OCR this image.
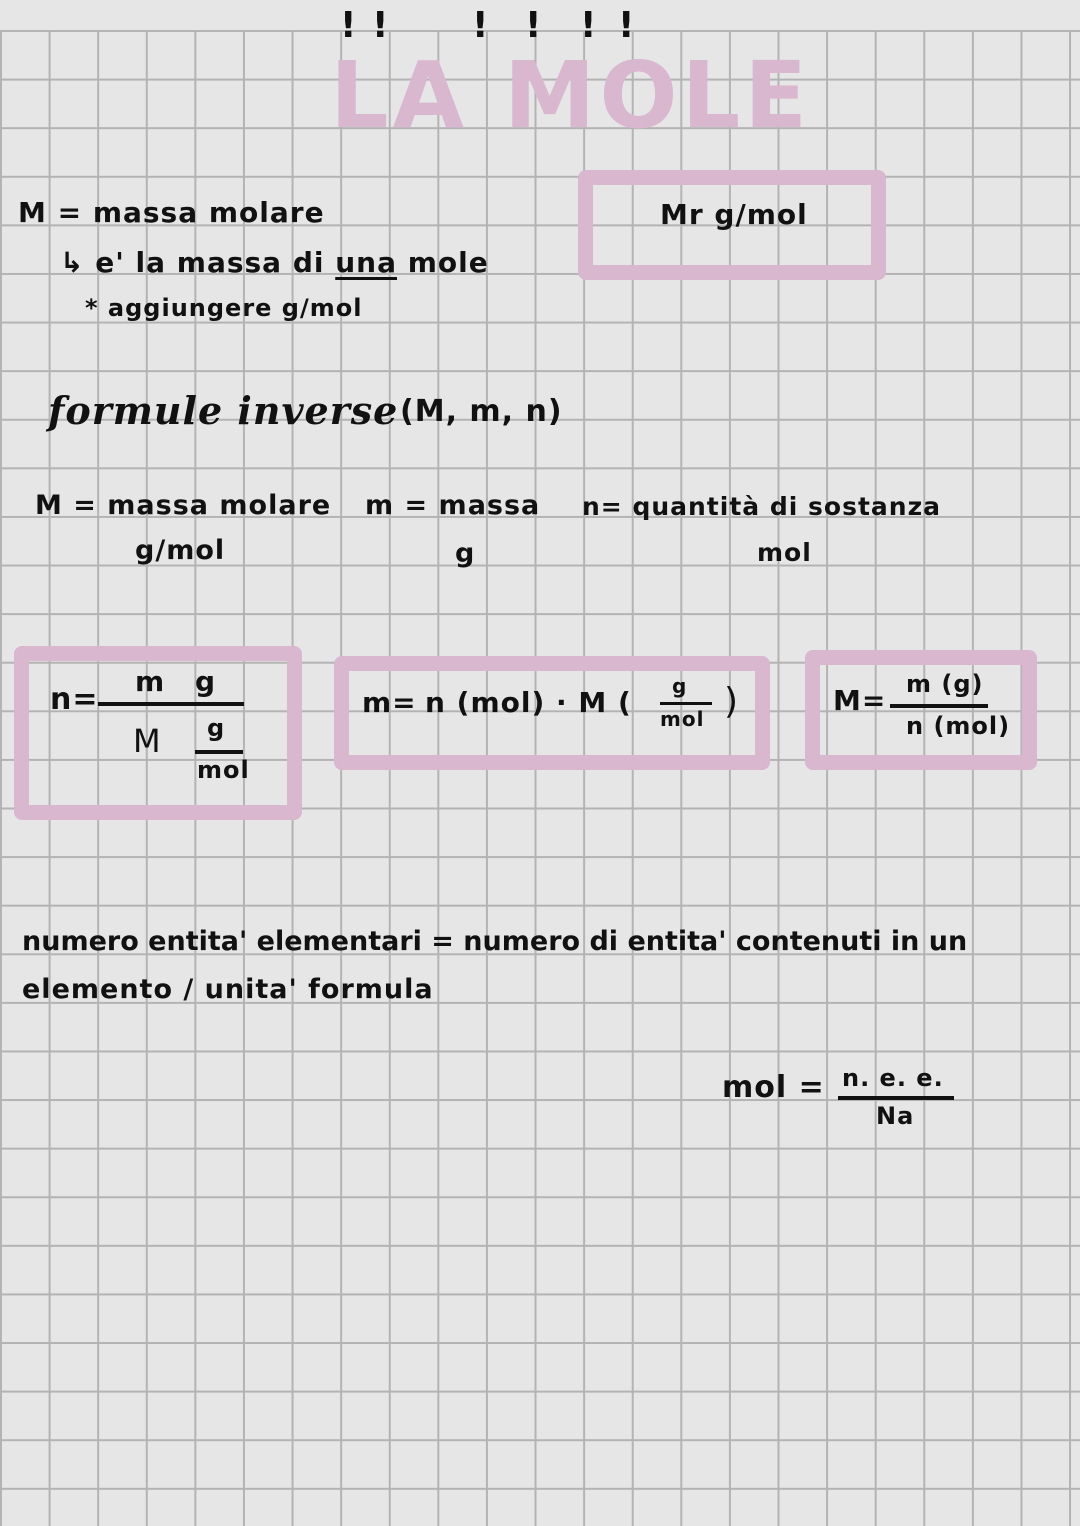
LA MOLE
! ! ! ! ! !
M = massa molare
↳ e' la massa di una mole
* aggiungere g/mol
Mr g/mol
formule inverse (M, m, n)
M = massa molare
g/mol
m = massa
g
n= quantità di sostanza
mol
n=
m g
M g
mol
m= n (mol) · M ( g
mol )	M= m (g)
n (mol)
numero entita' elementari = numero di entita' contenuti in un
elemento / unita' formula
mol = n. e. e.
Na
